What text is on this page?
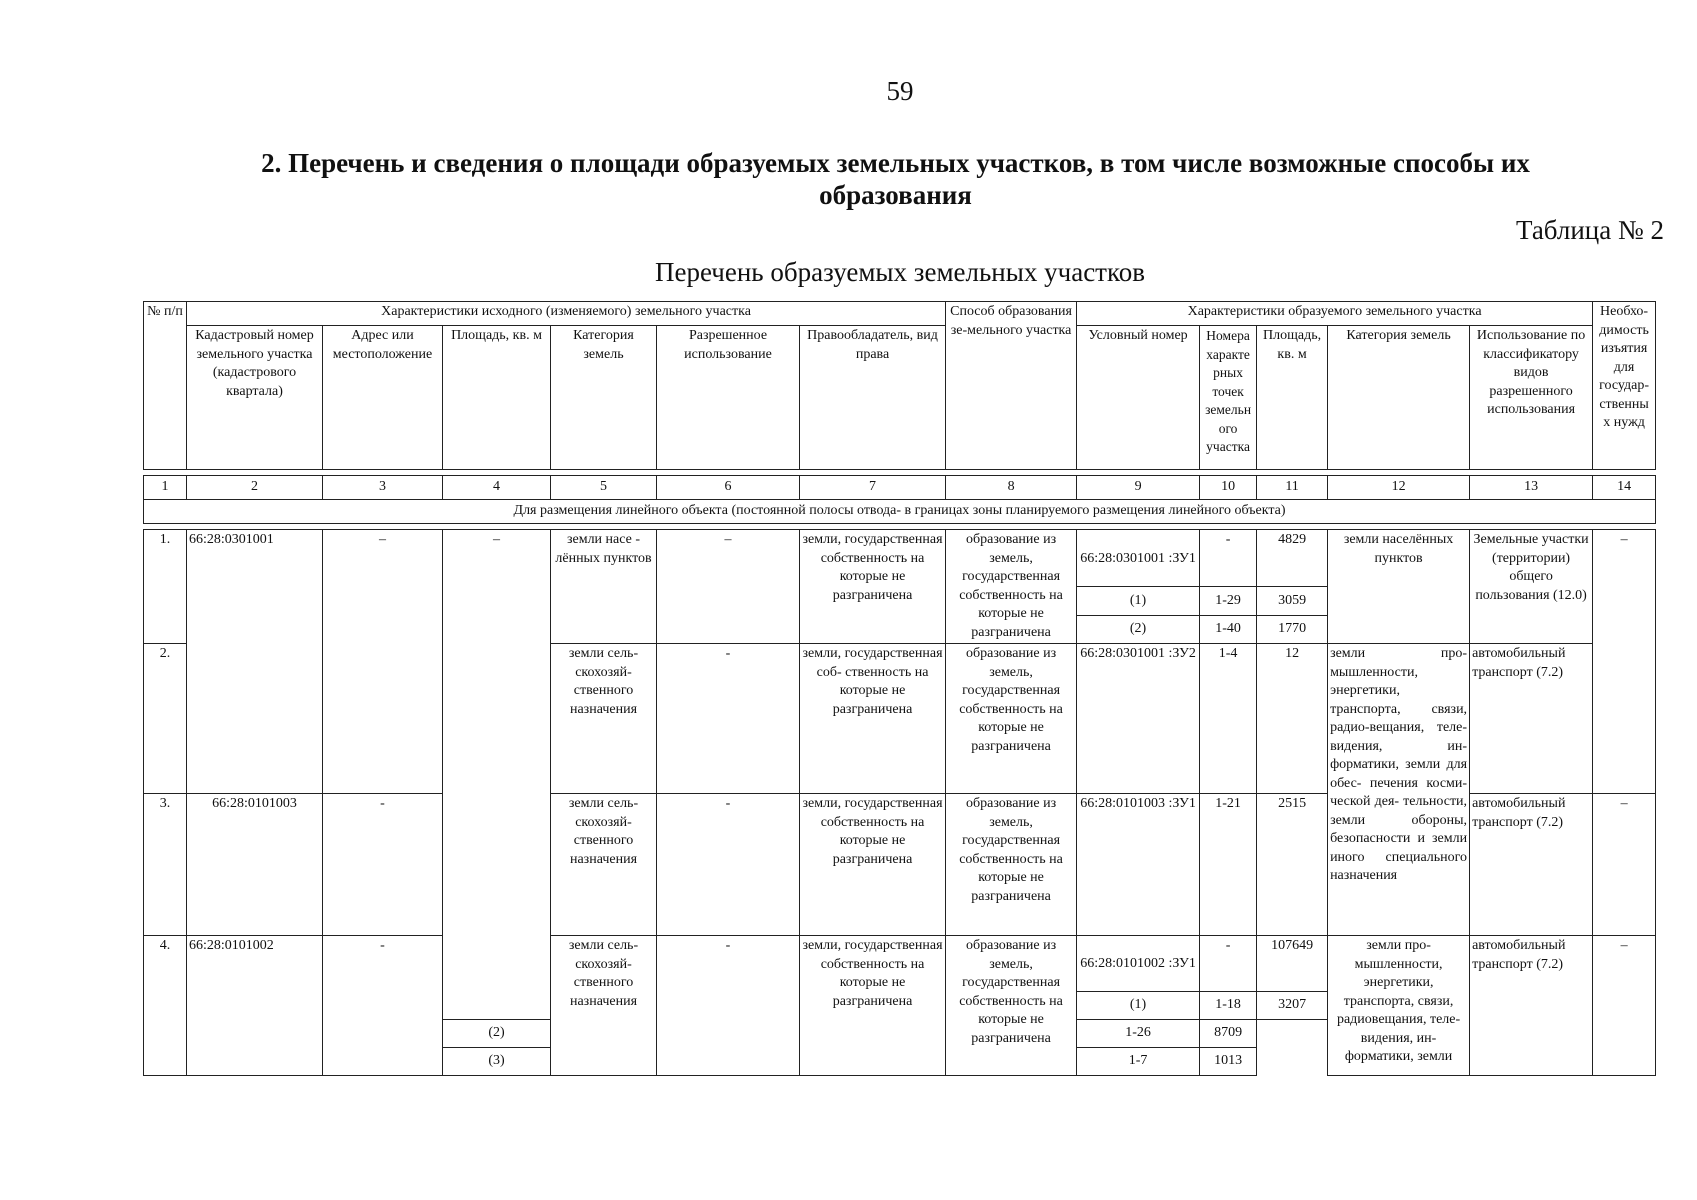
59
2. Перечень и сведения о площади образуемых земельных участков, в том числе возможные способы их образования
Таблица № 2
Перечень образуемых земельных участков
№ п/п	Характеристики исходного (изменяемого) земельного участка						Способ образования зе-мельного участка	Характеристики образуемого земельного участка					Необхо-димость изъятия для государ-ственны х нужд
	Кадастровый номер земельного участка (кадастрового квартала)	Адрес или местоположение	Площадь, кв. м	Категория земель	Разрешенное использование	Правообладатель, вид права		Условный номер	Номера характе рных точек земельн ого участка	Площадь, кв. м	Категория земель	Использование по классификатору видов разрешенного использования	

1	2	3	4	5	6	7	8	9	10	11	12	13	14
Для размещения линейного объекта (постоянной полосы отвода- в границах зоны планируемого размещения линейного объекта)													

1.	66:28:0301001	–	–	земли насе - лённых пунктов	–	земли, государственная собственность на которые не разграничена	образование из земель, государственная собственность на которые не разграничена	66:28:0301001 :ЗУ1	-	4829	земли населённых пунктов	Земельные участки (территории) общего пользования (12.0)	–
								(1)	1-29	3059			
								(2)	1-40	1770			
2.				земли сель- скохозяй- ственного назначения	-	земли, государственная соб- ственность на которые не разграничена	образование из земель, государственная собственность на которые не разграничена	66:28:0301001 :ЗУ2	1-4	12	земли про- мышленности, энергетики, транспорта, связи, радио-вещания, теле- видения, ин- форматики, земли для обес- печения косми- ческой дея- тельности, земли обороны, безопасности и земли иного специального назначения	автомобильный транспорт (7.2)	
3.	66:28:0101003	-		земли сель- скохозяй- ственного назначения	-	земли, государственная собственность на которые не разграничена	образование из земель, государственная собственность на которые не разграничена	66:28:0101003 :ЗУ1	1-21	2515		автомобильный транспорт (7.2)	–
4.	66:28:0101002	-		земли сель- скохозяй- ственного назначения	-	земли, государственная собственность на которые не разграничена	образование из земель, государственная собственность на которые не разграничена	66:28:0101002 :ЗУ1	-	107649	земли про- мышленности, энергетики, транспорта, связи, радиовещания, теле- видения, ин- форматики, земли	автомобильный транспорт (7.2)	–
								(1)	1-18	3207			
			(2)					1-26	8709				
			(3)					1-7	1013				
